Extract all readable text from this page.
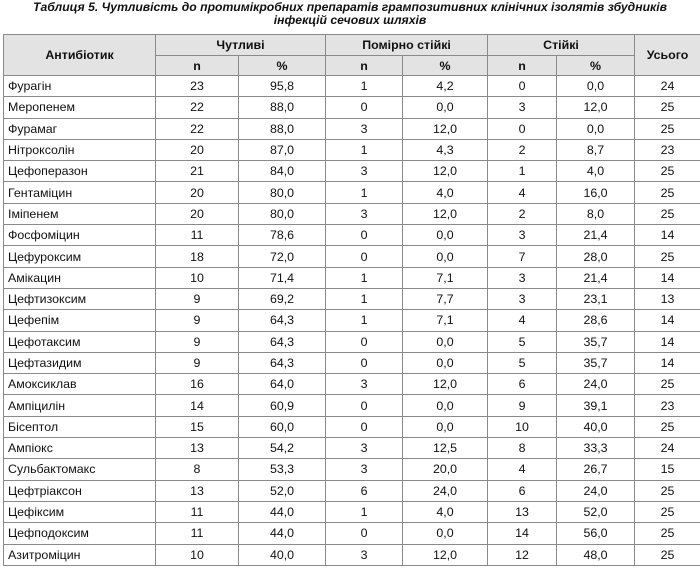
Таблиця 5. Чутливість до протимікробних препаратів грампозитивних клінічних ізолятів збудників
інфекцій сечових шляхів
Антибіотик	Чутливі		Помірно стійкі		Стійкі		Усього
	n	%	n	%	n	%	
Фурагін	23	95,8	1	4,2	0	0,0	24
Меропенем	22	88,0	0	0,0	3	12,0	25
Фурамаг	22	88,0	3	12,0	0	0,0	25
Нітроксолін	20	87,0	1	4,3	2	8,7	23
Цефоперазон	21	84,0	3	12,0	1	4,0	25
Гентаміцин	20	80,0	1	4,0	4	16,0	25
Іміпенем	20	80,0	3	12,0	2	8,0	25
Фосфоміцин	11	78,6	0	0,0	3	21,4	14
Цефуроксим	18	72,0	0	0,0	7	28,0	25
Амікацин	10	71,4	1	7,1	3	21,4	14
Цефтизоксим	9	69,2	1	7,7	3	23,1	13
Цефепім	9	64,3	1	7,1	4	28,6	14
Цефотаксим	9	64,3	0	0,0	5	35,7	14
Цефтазидим	9	64,3	0	0,0	5	35,7	14
Амоксиклав	16	64,0	3	12,0	6	24,0	25
Ампіцилін	14	60,9	0	0,0	9	39,1	23
Бісептол	15	60,0	0	0,0	10	40,0	25
Ампіокс	13	54,2	3	12,5	8	33,3	24
Сульбактомакс	8	53,3	3	20,0	4	26,7	15
Цефтріаксон	13	52,0	6	24,0	6	24,0	25
Цефіксим	11	44,0	1	4,0	13	52,0	25
Цефподоксим	11	44,0	0	0,0	14	56,0	25
Азитроміцин	10	40,0	3	12,0	12	48,0	25
